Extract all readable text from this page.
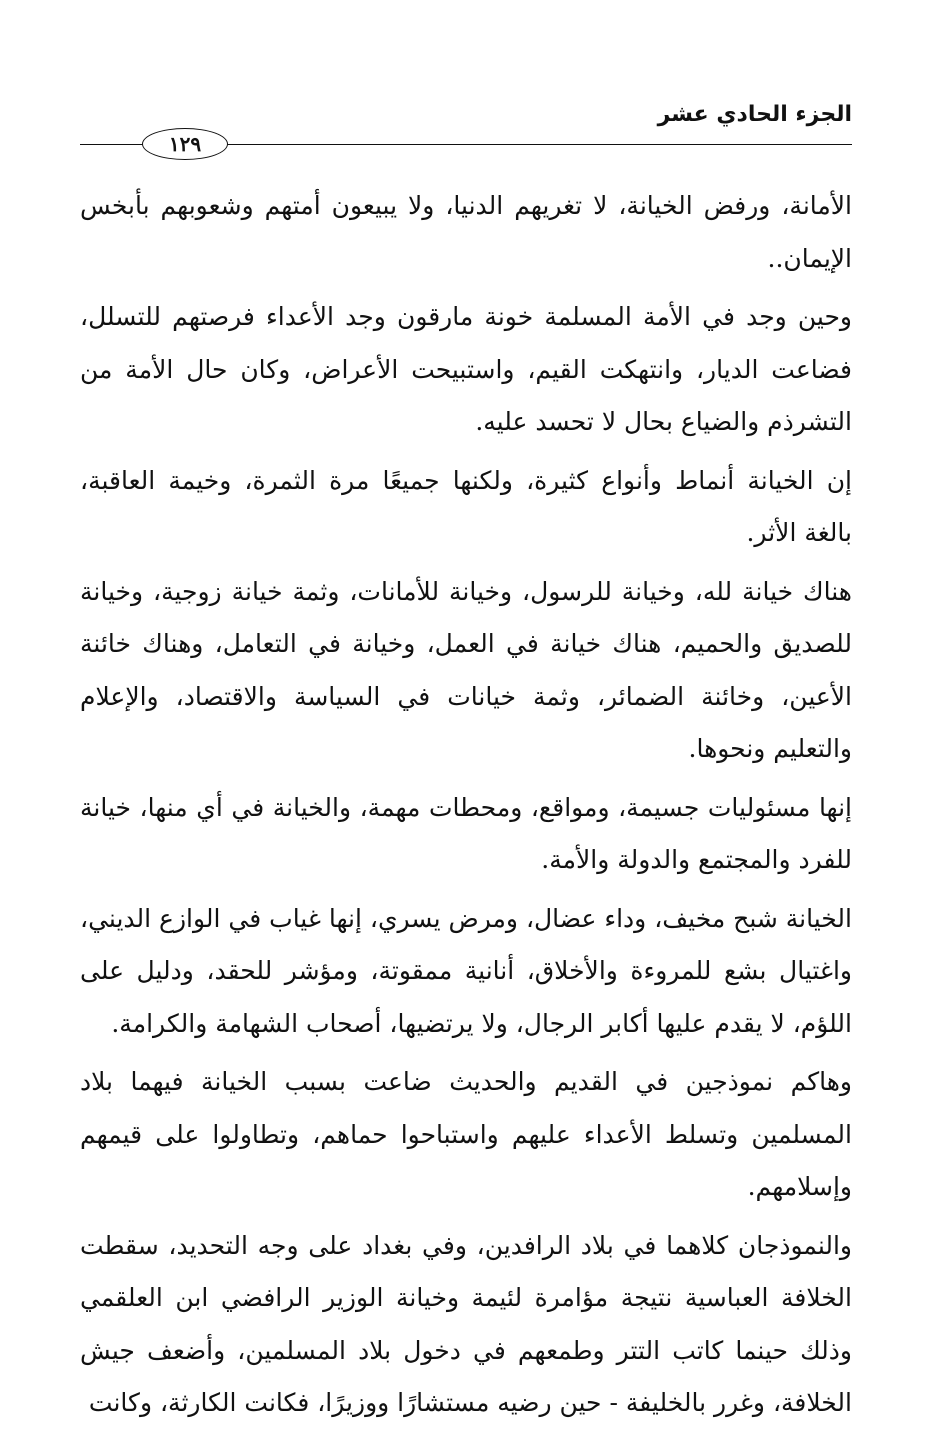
الجزء الحادي عشر
١٢٩

الأمانة، ورفض الخيانة، لا تغريهم الدنيا، ولا يبيعون أمتهم وشعوبهم بأبخس الإيمان..

وحين وجد في الأمة المسلمة خونة مارقون وجد الأعداء فرصتهم للتسلل، فضاعت الديار، وانتهكت القيم، واستبيحت الأعراض، وكان حال الأمة من التشرذم والضياع بحال لا تحسد عليه.

إن الخيانة أنماط وأنواع كثيرة، ولكنها جميعًا مرة الثمرة، وخيمة العاقبة، بالغة الأثر.

هناك خيانة لله، وخيانة للرسول، وخيانة للأمانات، وثمة خيانة زوجية، وخيانة للصديق والحميم، هناك خيانة في العمل، وخيانة في التعامل، وهناك خائنة الأعين، وخائنة الضمائر، وثمة خيانات في السياسة والاقتصاد، والإعلام والتعليم ونحوها.

إنها مسئوليات جسيمة، ومواقع، ومحطات مهمة، والخيانة في أي منها، خيانة للفرد والمجتمع والدولة والأمة.

الخيانة شبح مخيف، وداء عضال، ومرض يسري، إنها غياب في الوازع الديني، واغتيال بشع للمروءة والأخلاق، أنانية ممقوتة، ومؤشر للحقد، ودليل على اللؤم، لا يقدم عليها أكابر الرجال، ولا يرتضيها، أصحاب الشهامة والكرامة.

وهاكم نموذجين في القديم والحديث ضاعت بسبب الخيانة فيهما بلاد المسلمين وتسلط الأعداء عليهم واستباحوا حماهم، وتطاولوا على قيمهم وإسلامهم.

والنموذجان كلاهما في بلاد الرافدين، وفي بغداد على وجه التحديد، سقطت الخلافة العباسية نتيجة مؤامرة لئيمة وخيانة الوزير الرافضي ابن العلقمي وذلك حينما كاتب التتر وطمعهم في دخول بلاد المسلمين، وأضعف جيش الخلافة، وغرر بالخليفة - حين رضيه مستشارًا ووزيرًا، فكانت الكارثة، وكانت
